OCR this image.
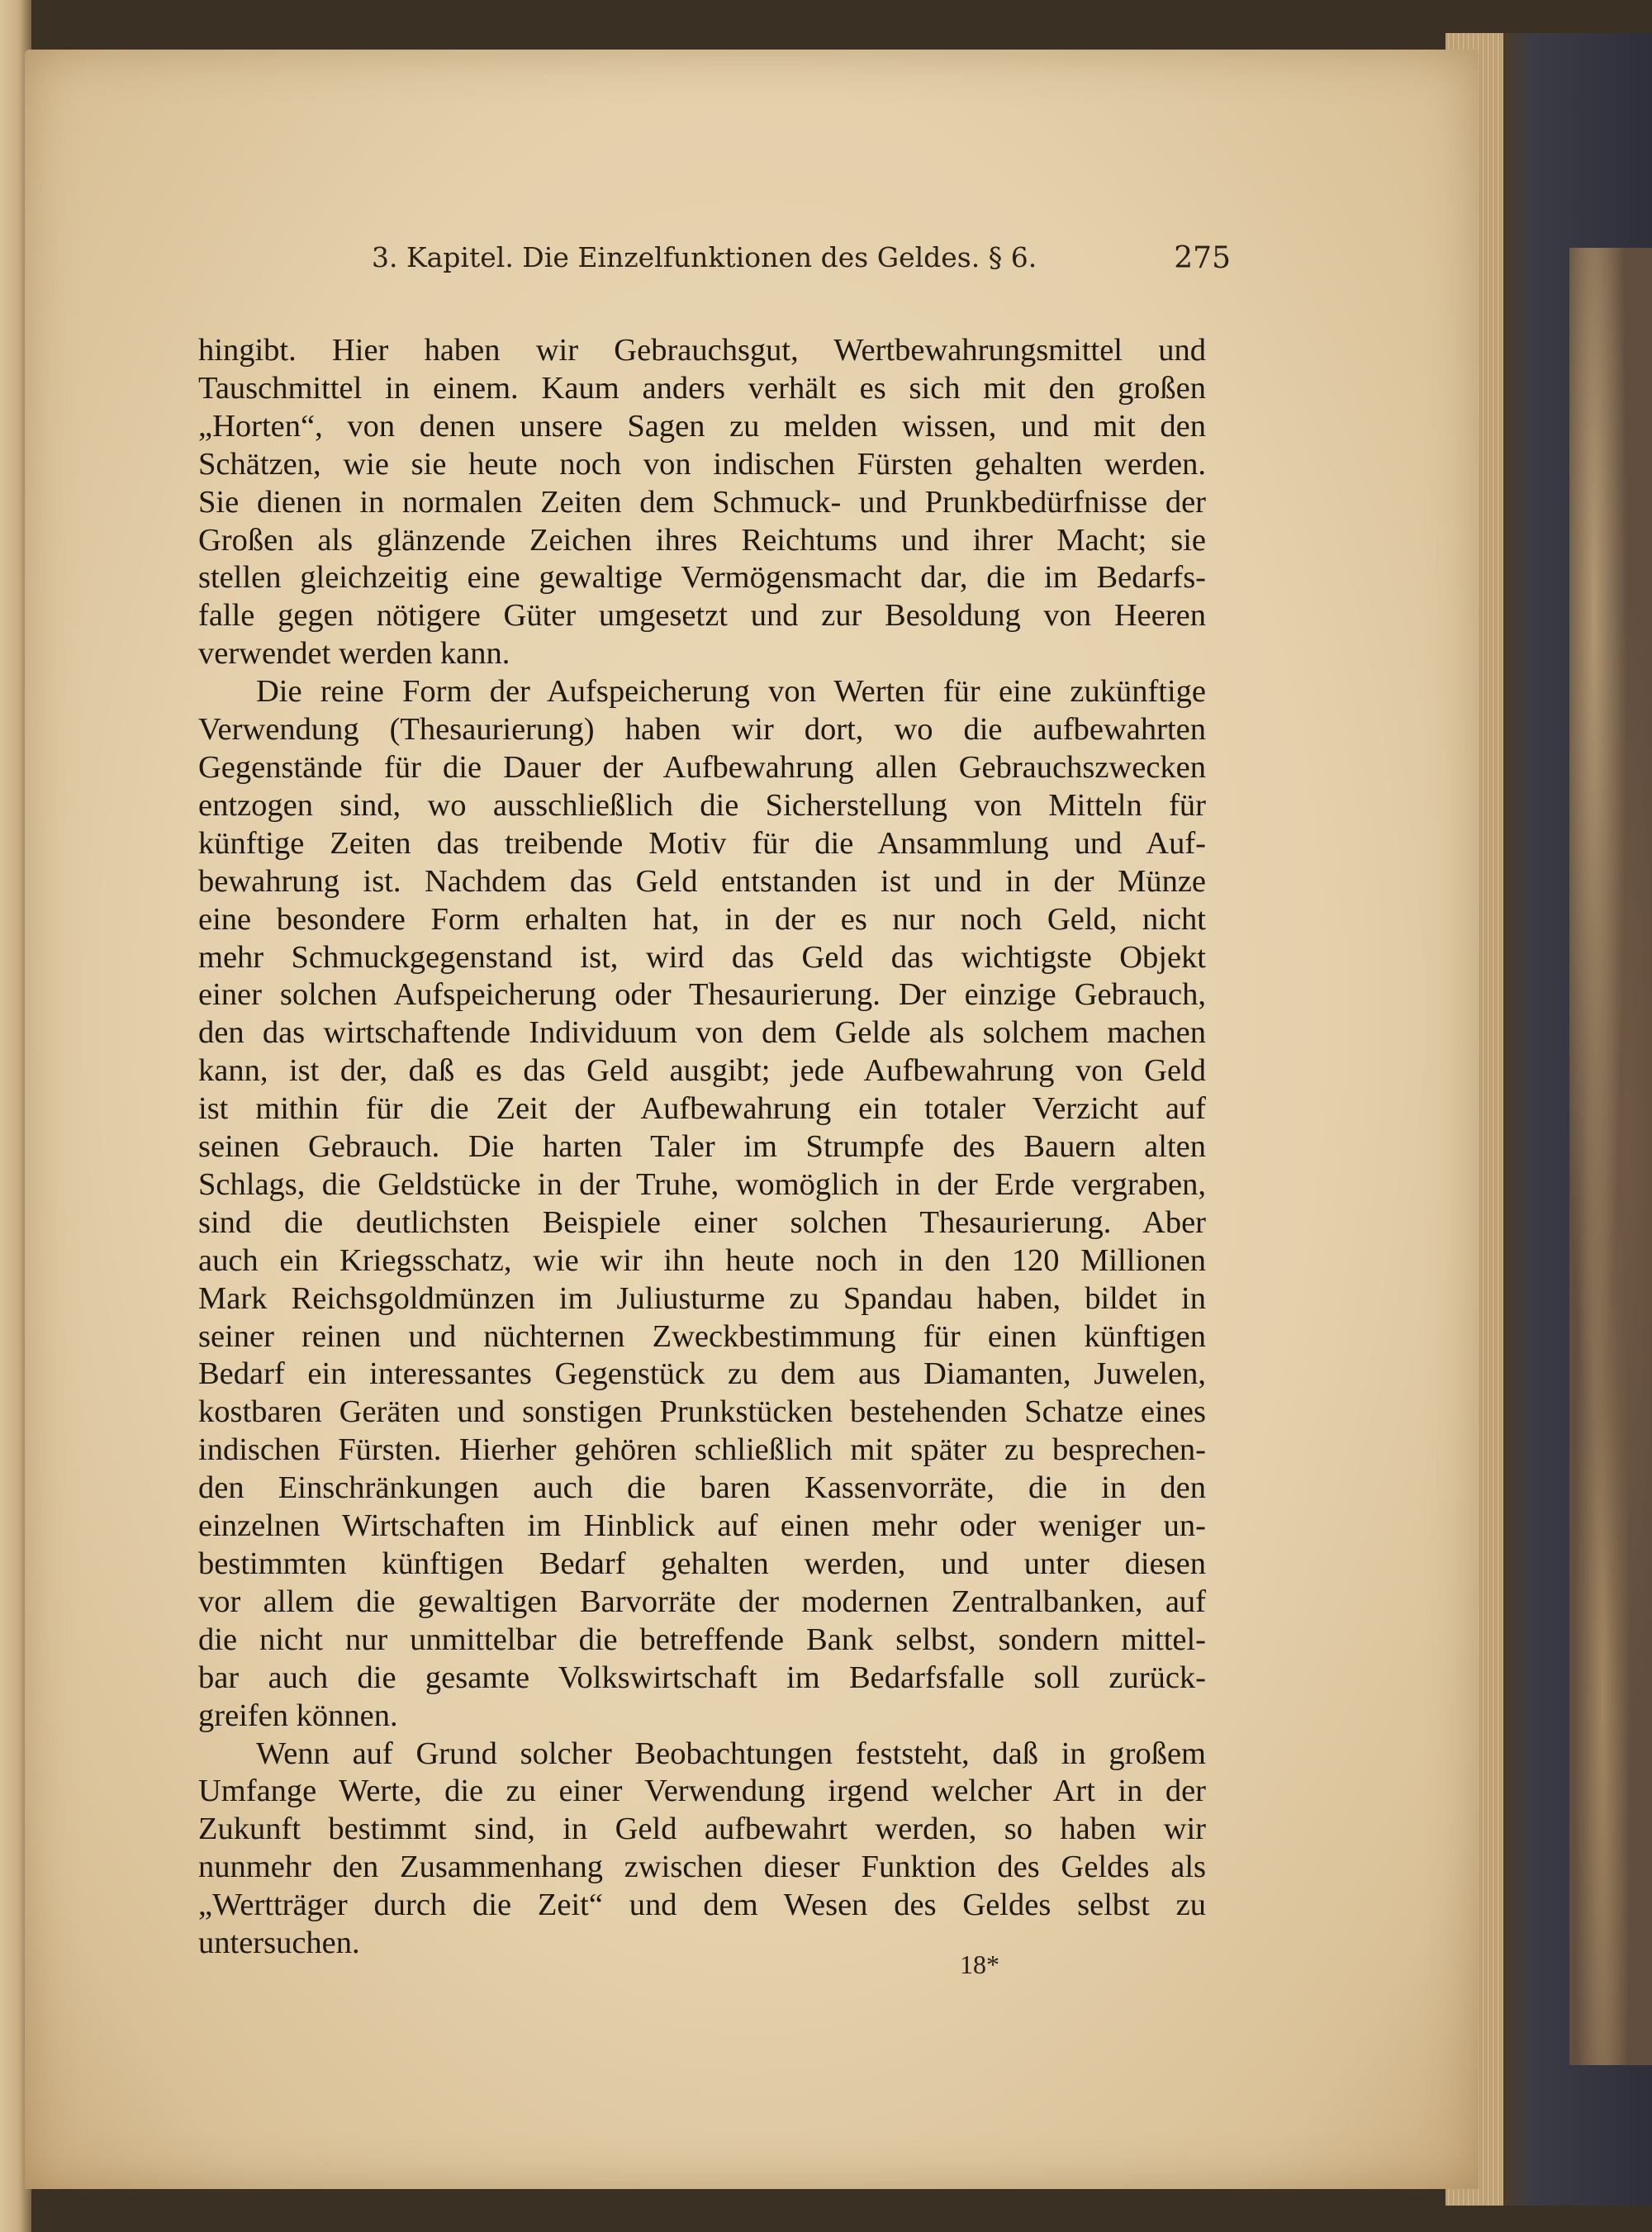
3. Kapitel. Die Einzelfunktionen des Geldes. § 6.	275

hingibt. Hier haben wir Gebrauchsgut, Wertbewahrungsmittel und
Tauschmittel in einem. Kaum anders verhält es sich mit den großen
„Horten“, von denen unsere Sagen zu melden wissen, und mit den
Schätzen, wie sie heute noch von indischen Fürsten gehalten werden.
Sie dienen in normalen Zeiten dem Schmuck- und Prunkbedürfnisse der
Großen als glänzende Zeichen ihres Reichtums und ihrer Macht; sie
stellen gleichzeitig eine gewaltige Vermögensmacht dar, die im Bedarfs-
falle gegen nötigere Güter umgesetzt und zur Besoldung von Heeren
verwendet werden kann.

Die reine Form der Aufspeicherung von Werten für eine zukünftige
Verwendung (Thesaurierung) haben wir dort, wo die aufbewahrten
Gegenstände für die Dauer der Aufbewahrung allen Gebrauchszwecken
entzogen sind, wo ausschließlich die Sicherstellung von Mitteln für
künftige Zeiten das treibende Motiv für die Ansammlung und Auf-
bewahrung ist. Nachdem das Geld entstanden ist und in der Münze
eine besondere Form erhalten hat, in der es nur noch Geld, nicht
mehr Schmuckgegenstand ist, wird das Geld das wichtigste Objekt
einer solchen Aufspeicherung oder Thesaurierung. Der einzige Gebrauch,
den das wirtschaftende Individuum von dem Gelde als solchem machen
kann, ist der, daß es das Geld ausgibt; jede Aufbewahrung von Geld
ist mithin für die Zeit der Aufbewahrung ein totaler Verzicht auf
seinen Gebrauch. Die harten Taler im Strumpfe des Bauern alten
Schlags, die Geldstücke in der Truhe, womöglich in der Erde vergraben,
sind die deutlichsten Beispiele einer solchen Thesaurierung. Aber
auch ein Kriegsschatz, wie wir ihn heute noch in den 120 Millionen
Mark Reichsgoldmünzen im Juliusturme zu Spandau haben, bildet in
seiner reinen und nüchternen Zweckbestimmung für einen künftigen
Bedarf ein interessantes Gegenstück zu dem aus Diamanten, Juwelen,
kostbaren Geräten und sonstigen Prunkstücken bestehenden Schatze eines
indischen Fürsten. Hierher gehören schließlich mit später zu besprechen-
den Einschränkungen auch die baren Kassenvorräte, die in den
einzelnen Wirtschaften im Hinblick auf einen mehr oder weniger un-
bestimmten künftigen Bedarf gehalten werden, und unter diesen
vor allem die gewaltigen Barvorräte der modernen Zentralbanken, auf
die nicht nur unmittelbar die betreffende Bank selbst, sondern mittel-
bar auch die gesamte Volkswirtschaft im Bedarfsfalle soll zurück-
greifen können.

Wenn auf Grund solcher Beobachtungen feststeht, daß in großem
Umfange Werte, die zu einer Verwendung irgend welcher Art in der
Zukunft bestimmt sind, in Geld aufbewahrt werden, so haben wir
nunmehr den Zusammenhang zwischen dieser Funktion des Geldes als
„Wertträger durch die Zeit“ und dem Wesen des Geldes selbst zu
untersuchen.

18*
